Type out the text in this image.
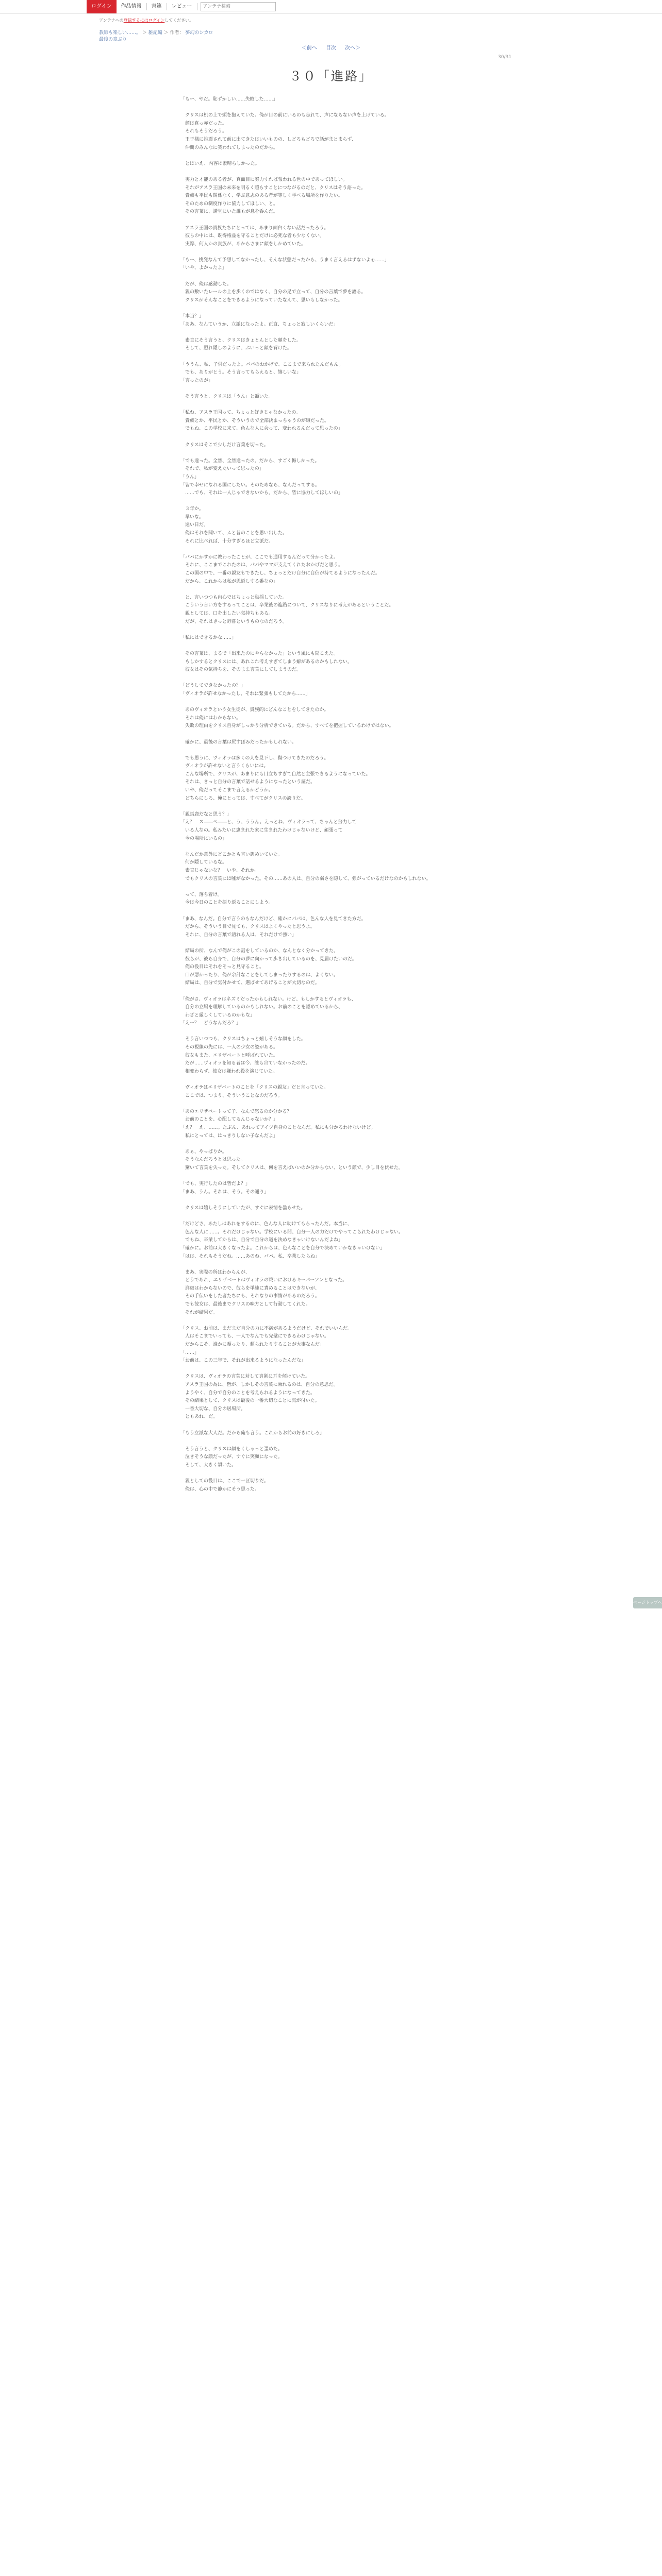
ログイン	作品情報	書籍	レビュー
アンテナ検索
アンテナへの登録するにはログインしてください。
教師も楽しい……。 ＞ 雑記編 ＞ 作者： 夢幻のシカロ
最後の章ぶり
＜前へ 目次 次へ＞
30/31
３０「進路」

「もー、やだ。恥ずかしい……失敗した……」

　クリスは机の上で頭を抱えていた。俺が目の前にいるのも忘れて、声にならない声を上げている。

　顔は真っ赤だった。

　それもそうだろう。

　王子様に推薦されて前に出てきたはいいものの、しどろもどろで話がまとまらず、

　仲間のみんなに笑われてしまったのだから。

　とはいえ、内容は素晴らしかった。

　実力と才能のある者が、真面目に努力すれば報われる世の中であってほしい。

　それがアスラ王国の未来を明るく照らすことにつながるのだと、クリスはそう語った。

　貴族も平民も関係なく、学ぶ意志のある者が等しく学べる場所を作りたい。

　そのための制度作りに協力してほしい、と。

　その言葉に、講堂にいた誰もが息を呑んだ。

　アスラ王国の貴族たちにとっては、あまり面白くない話だったろう。

　彼らの中には、既得権益を守ることだけに必死な者も少なくない。

　実際、何人かの貴族が、あからさまに顔をしかめていた。

「もー、挑発なんて予想してなかったし、そんな状態だったから、うまく言えるはずないよぉ……」

「いや、よかったよ」

　だが、俺は感動した。

　親の敷いたレールの上を歩くのではなく、自分の足で立って、自分の言葉で夢を語る。

　クリスがそんなことをできるようになっていたなんて、思いもしなかった。

「本当？」

「ああ、なんていうか、立派になったよ。正直、ちょっと寂しいくらいだ」

　素直にそう言うと、クリスはきょとんとした顔をした。

　そして、照れ隠しのように、ぷいっと顔を背けた。

「ううん、私、子供だったよ。パパのおかげで、ここまで来られたんだもん。

　でも、ありがとう。そう言ってもらえると、嬉しいな」

「言ったのが」

　そう言うと、クリスは「うん」と頷いた。

「私ね、アスラ王国って、ちょっと好きじゃなかったの。

　貴族とか、平民とか、そういうので全部決まっちゃうのが嫌だった。

　でもね、この学校に来て、色んな人に会って、変われるんだって思ったの」

　クリスはそこで少しだけ言葉を切った。

「でも違った。全然、全然違ったの。だから、すごく悔しかった。

　それで、私が変えたいって思ったの」

「うん」

「皆で幸せになれる国にしたい。そのためなら、なんだってする。

　……でも、それは一人じゃできないから。だから、皆に協力してほしいの」

　３年か。

　早いな。

　遠い日だ。

　俺はそれを聞いて、ふと昔のことを思い出した。

　それに比べれば、十分すぎるほど立派だ。

「パパにかすかに教わったことが、ここでも通用するんだって分かったよ。

　それに、ここまでこれたのは、パパやママが支えてくれたおかげだと思う。

　この国の中で、一番の親友もできたし、ちょっとだけ自分に自信が持てるようになったんだ。

　だから、これからは私が恩返しする番なの」

　と、言いつつも内心ではちょっと動揺していた。

　こういう言い方をするってことは、卒業後の進路について、クリスなりに考えがあるということだ。

　親としては、口を出したい気持ちもある。

　だが、それはきっと野暮というものなのだろう。

「私にはできるかな……」

　その言葉は、まるで「出来たのにやらなかった」という風にも聞こえた。

　もしかするとクリスには、あれこれ考えすぎてしまう癖があるのかもしれない。

　彼女はその気持ちを、そのまま言葉にしてしまうのだ。

「どうしてできなかったの？」

「ヴィオラが許せなかったし、それに緊張もしてたから……」

　あのヴィオラという女生徒が、貴族的にどんなことをしてきたのか。

　それは俺にはわからない。

　失敗の理由をクリス自身がしっかり分析できている。だから、すべてを把握しているわけではない。

　確かに、最後の言葉は尻すぼみだったかもしれない。

　でも思うに、ヴィオラは多くの人を見下し、傷つけてきたのだろう。

　ヴィオラが許せないと言うくらいには。

　こんな場所で、クリスが、あまりにも目立ちすぎて自然と主張できるようになっていた。

　それは、きっと自分の言葉で話せるようになったという証だ。

　いや、俺だってそこまで言えるかどうか。

　どちらにしろ、俺にとっては、すべてがクリスの誇りだ。

「親馬鹿だなと思う？」

「え？　ス――ペ――と、う、ううん。えっとね、ヴィオラって、ちゃんと努力して

　いる人なの。私みたいに恵まれた家に生まれたわけじゃないけど、頑張って

　今の場所にいるの」

　なんだか意外にどこかとも言い訳めいていた。

　何か隠しているな。

　素直じゃないな？　いや、それか。

　でもクリスの言葉には嘘がなかった。その……あの人は、自分の弱さを隠して、強がっているだけなのかもしれない。

　って、落ち着け。

　今は今日のことを振り返ることにしよう。

「まあ、なんだ。自分で言うのもなんだけど、確かにパパは、色んな人を見てきた方だ。

　だから、そういう目で見ても、クリスはよくやったと思うよ。

　それに、自分の言葉で語れる人は、それだけで強い」

　結局の所、なんで俺がこの話をしているのか、なんとなく分かってきた。

　彼らが、彼ら自身で、自分の夢に向かって歩き出しているのを、見届けたいのだ。

　俺の役目はそれをそっと見守ること。

　口が悪かったり、俺が余計なことをしてしまったりするのは、よくない。

　結局は、自分で気付かせて、選ばせてあげることが大切なのだ。

「俺がさ、ヴィオラはネズミだったかもしれない。けど、もしかするとヴィオラも、

　自分の立場を理解しているのかもしれない。お前のことを認めているから、

　わざと厳しくしているのかもな」

「えー？　どうなんだろ？」

　そう言いつつも、クリスはちょっと嬉しそうな顔をした。

　その視線の先には、一人の少女の姿がある。

　彼女もまた、エリザベートと呼ばれていた。

　だが……ヴィオラを知る者は今、誰も出ていなかったのだ。

　相変わらず、彼女は嫌われ役を演じていた。

　ヴィオラはエリザベートのことを「クリスの親友」だと言っていた。

　ここでは、つまり、そういうことなのだろう。

「あのエリザベートって子、なんで怒るのか分かる？

　お前のことを、心配してるんじゃないか？」

「え？　え、……。たぶん、あれってアイツ自身のことなんだ。私にも分かるわけないけど。

　私にとっては、はっきりしない子なんだよ」

　あぁ、やっぱりか。

　そうなんだろうとは思った。

　驚いて言葉を失った。そしてクリスは、何を言えばいいのか分からない、という顔で、少し目を伏せた。

「でも、実行したのは皆だよ？」

「まあ、うん。それは、そう。その通り」

　クリスは嬉しそうにしていたが、すぐに表情を曇らせた。

「だけどさ、あたしはあれをするのに、色んな人に助けてもらったんだ。本当に、

　色んな人に……。それだけじゃない。学校にいる間、自分一人の力だけでやってこられたわけじゃない。

　でもね、卒業してからは、自分で自分の道を決めなきゃいけないんだよね」

「確かに。お前は大きくなったよ。これからは、色んなことを自分で決めていかなきゃいけない」

「はは、それもそうだね。……あのね、パパ。私、卒業したらね」

　まあ、実際の所はわからんが、

　どうであれ、エリザベートはヴィオラの戦いにおけるキーパーソンとなった。

　詳細はわからないので、彼らを単純に責めることはできないが、

　その手伝いをした者たちにも、それなりの事情があるのだろう。

　でも彼女は、最後までクリスの味方として行動してくれた。

　それが結果だ。

「クリス、お前は、まだまだ自分の力に不満があるようだけど、それでいいんだ。

　人はそこまでいっても、一人でなんでも完璧にできるわけじゃない。

　だからこそ、誰かに頼ったり、頼られたりすることが大事なんだ」

「……」

「お前は、この三年で、それが出来るようになったんだな」

　クリスは、ヴィオラの言葉に対して真剣に耳を傾けていた。

　アスラ王国の為に、皆が、しかしその言葉に乗れるのは、自分の意思だ。

　ようやく、自分で自分のことを考えられるようになってきた。

　その結果として、クリスは最後の一番大切なことに気が付いた。

　一番大切な、自分の居場所。

　ともあれ、だ。

「もう立派な大人だ。だから俺も言う。これからお前の好きにしろ」

　そう言うと、クリスは顔をくしゃっと歪めた。

　泣きそうな顔だったが、すぐに笑顔になった。

　そして、大きく頷いた。

　親としての役目は、ここで一区切りだ。

　俺は、心の中で静かにそう思った。

ページトップへ
